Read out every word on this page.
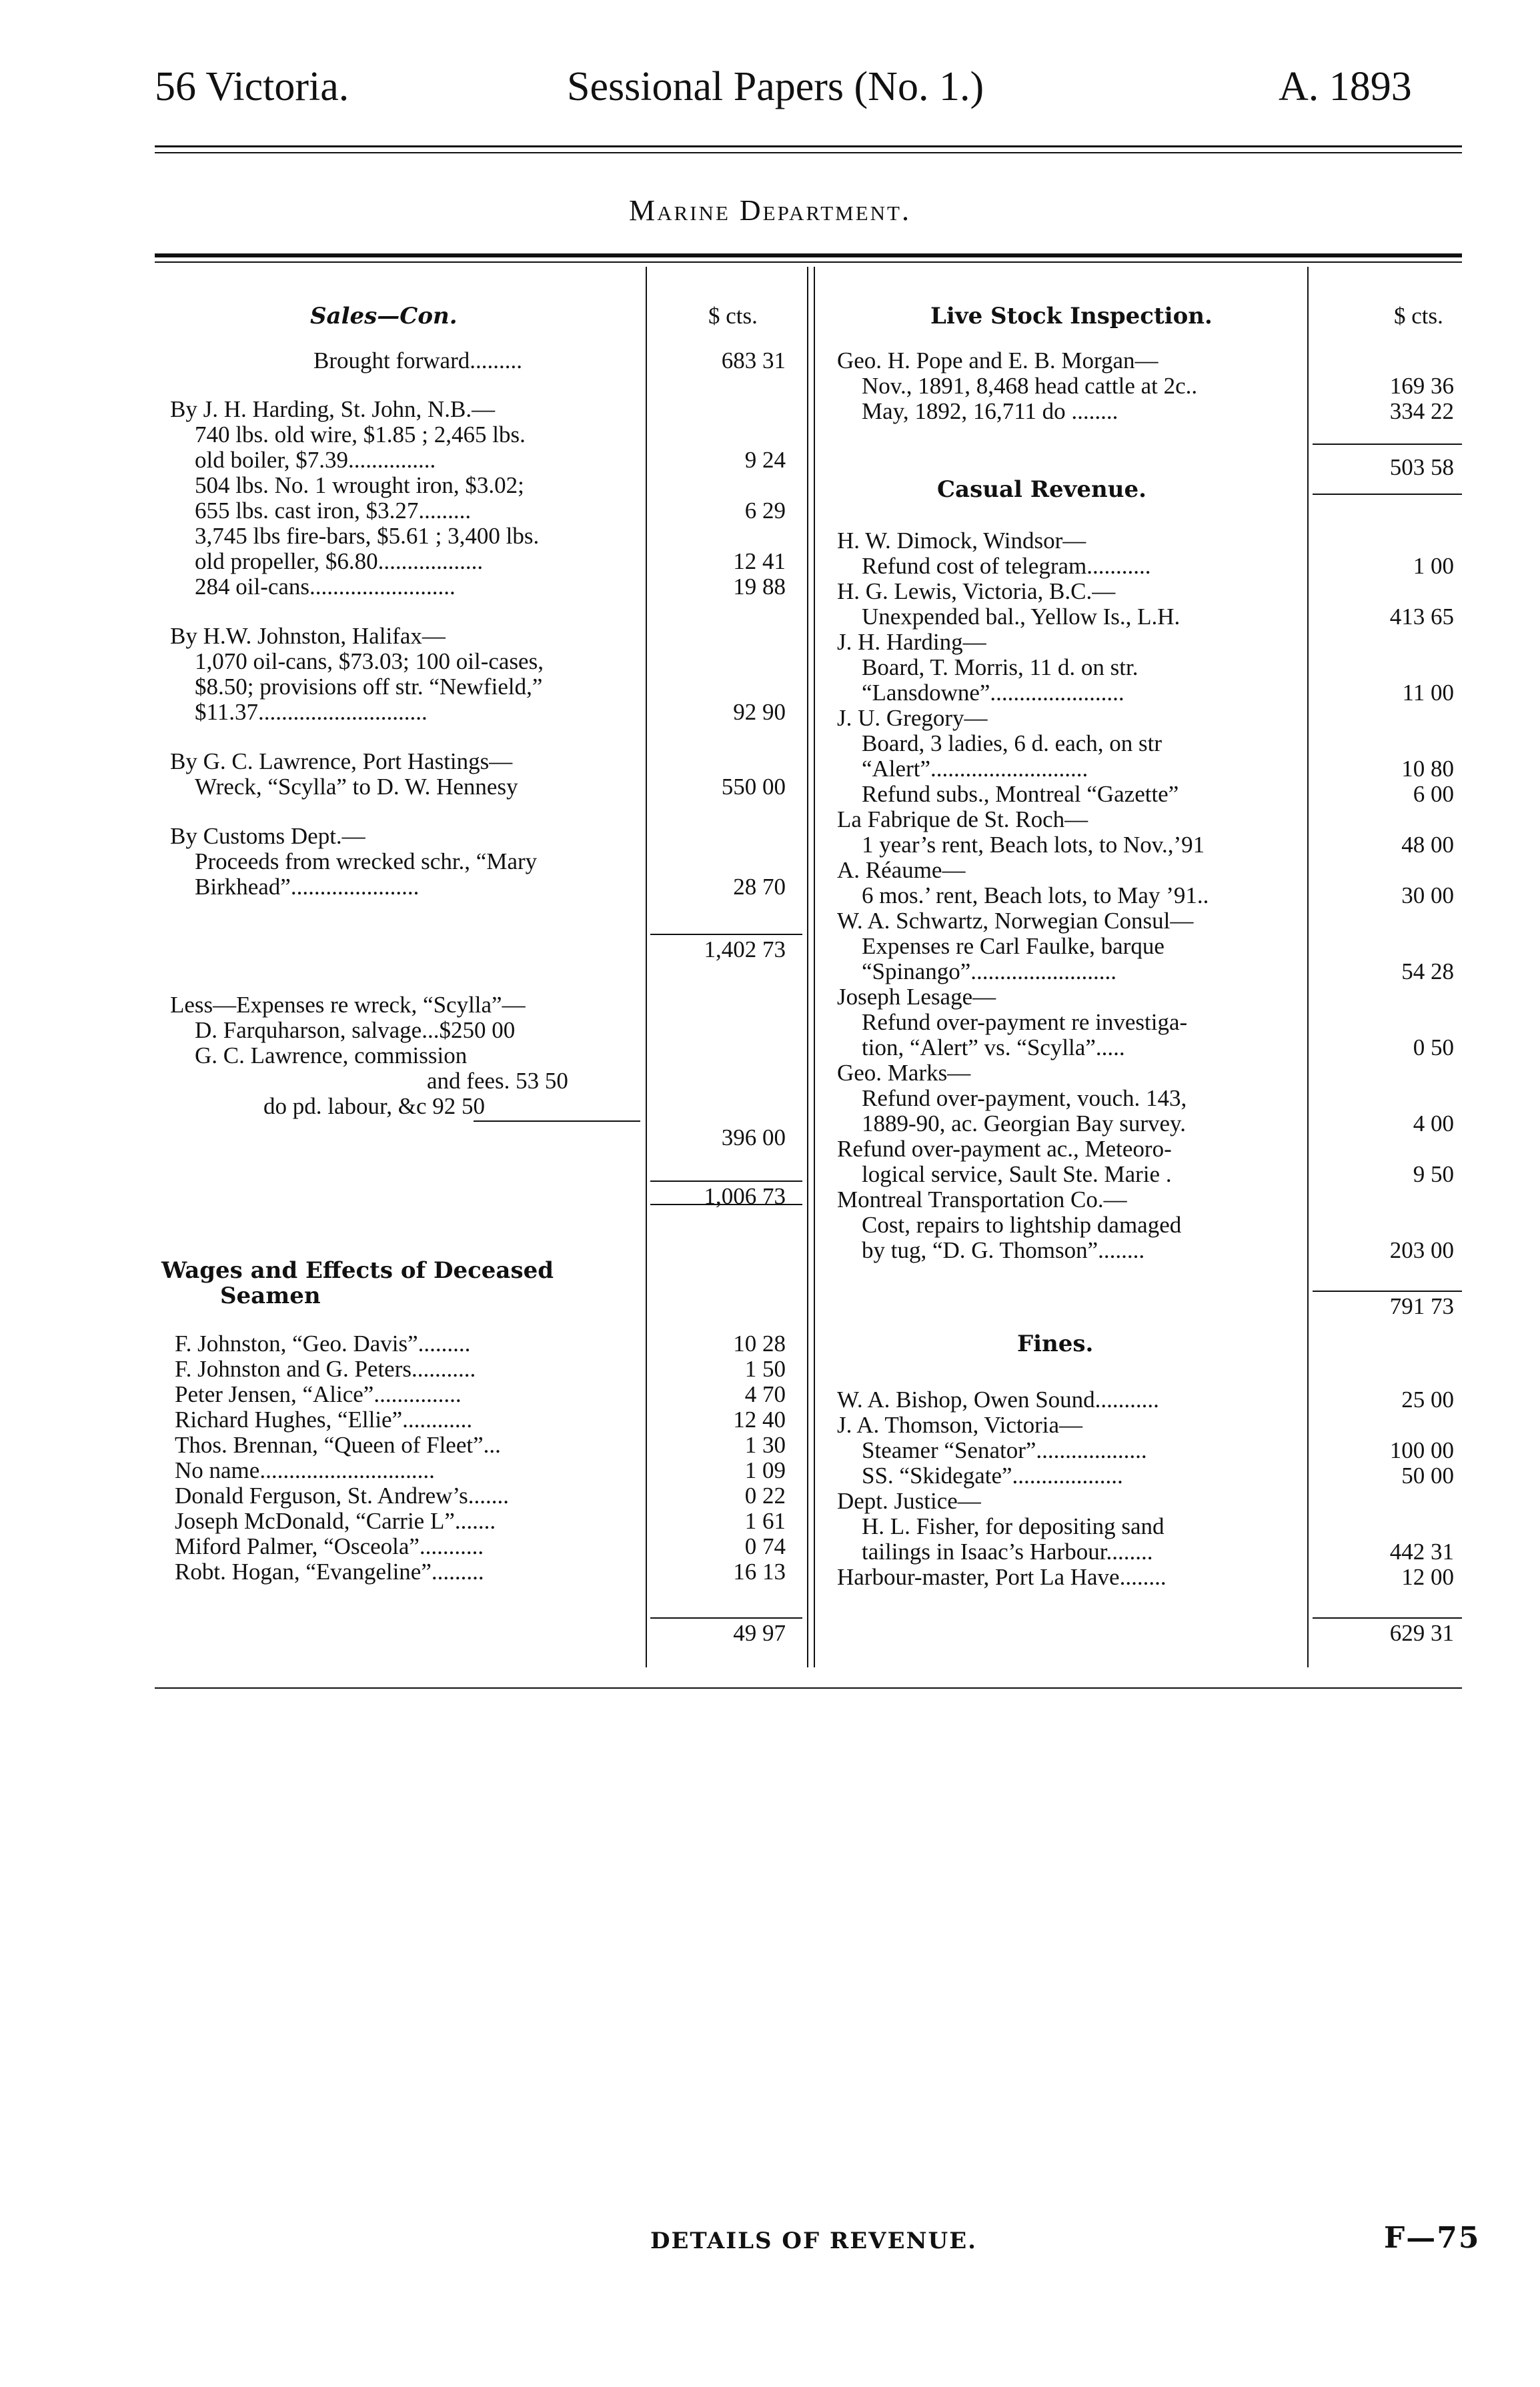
56 Victoria.	Sessional Papers (No. 1.)	A. 1893
Marine Department.
Sales—Con.	$ cts.	Live Stock Inspection.	$ cts.
Casual Revenue.
Fines.
Wages and Effects of Deceased
Seamen
Brought forward.........	683 31
By J. H. Harding, St. John, N.B.—
740 lbs. old wire, $1.85 ; 2,465 lbs.
old boiler, $7.39...............	9 24
504 lbs. No. 1 wrought iron, $3.02;
655 lbs. cast iron, $3.27.........	6 29
3,745 lbs fire-bars, $5.61 ; 3,400 lbs.
old propeller, $6.80..................	12 41
284 oil-cans.........................	19 88
By H.W. Johnston, Halifax—
1,070 oil-cans, $73.03; 100 oil-cases,
$8.50; provisions off str. “Newfield,”
$11.37.............................	92 90
By G. C. Lawrence, Port Hastings—
Wreck, “Scylla” to D. W. Hennesy	550 00
By Customs Dept.—
Proceeds from wrecked schr., “Mary
Birkhead”......................	28 70
1,402 73
Less—Expenses re wreck, “Scylla”—
D. Farquharson, salvage...$250 00
G. C. Lawrence, commission
and fees. 53 50
do pd. labour, &c 92 50
396 00
1,006 73
F. Johnston, “Geo. Davis”.........	10 28
F. Johnston and G. Peters...........	1 50
Peter Jensen, “Alice”...............	4 70
Richard Hughes, “Ellie”............	12 40
Thos. Brennan, “Queen of Fleet”...	1 30
No name..............................	1 09
Donald Ferguson, St. Andrew’s.......	0 22
Joseph McDonald, “Carrie L”.......	1 61
Miford Palmer, “Osceola”...........	0 74
Robt. Hogan, “Evangeline”.........	16 13
49 97
Geo. H. Pope and E. B. Morgan—
Nov., 1891, 8,468 head cattle at 2c..	169 36
May, 1892, 16,711 do ........	334 22
503 58
H. W. Dimock, Windsor—
Refund cost of telegram...........	1 00
H. G. Lewis, Victoria, B.C.—
Unexpended bal., Yellow Is., L.H.	413 65
J. H. Harding—
Board, T. Morris, 11 d. on str.
“Lansdowne”.......................	11 00
J. U. Gregory—
Board, 3 ladies, 6 d. each, on str
“Alert”...........................	10 80
Refund subs., Montreal “Gazette”	6 00
La Fabrique de St. Roch—
1 year’s rent, Beach lots, to Nov.,’91	48 00
A. Réaume—
6 mos.’ rent, Beach lots, to May ’91..	30 00
W. A. Schwartz, Norwegian Consul—
Expenses re Carl Faulke, barque
“Spinango”.........................	54 28
Joseph Lesage—
Refund over-payment re investiga-
tion, “Alert” vs. “Scylla”.....	0 50
Geo. Marks—
Refund over-payment, vouch. 143,
1889-90, ac. Georgian Bay survey.	4 00
Refund over-payment ac., Meteoro-
logical service, Sault Ste. Marie .	9 50
Montreal Transportation Co.—
Cost, repairs to lightship damaged
by tug, “D. G. Thomson”........	203 00
791 73
W. A. Bishop, Owen Sound...........	25 00
J. A. Thomson, Victoria—
Steamer “Senator”...................	100 00
SS. “Skidegate”...................	50 00
Dept. Justice—
H. L. Fisher, for depositing sand
tailings in Isaac’s Harbour........	442 31
Harbour-master, Port La Have........	12 00
629 31
DETAILS OF REVENUE.	F—75
